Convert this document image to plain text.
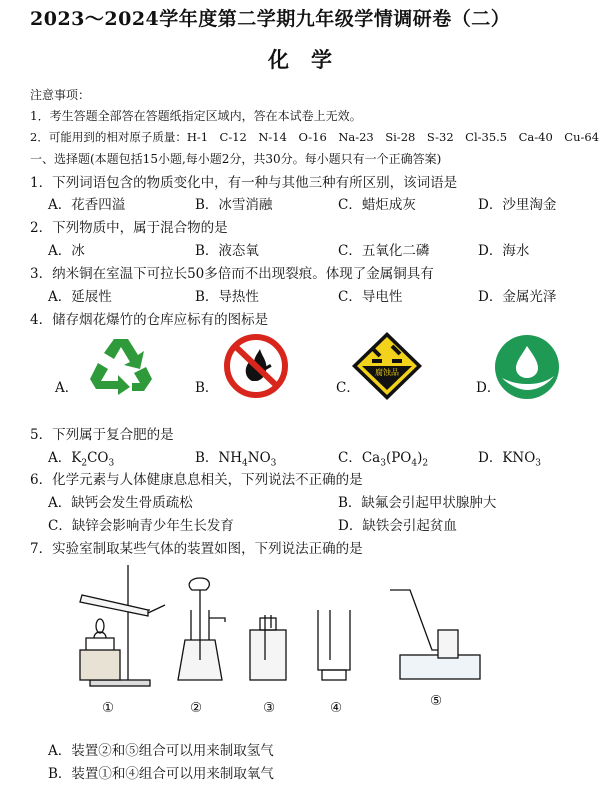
2023～2024学年度第二学期九年级学情调研卷（二）
化学
注意事项：
1．考生答题全部答在答题纸指定区域内，答在本试卷上无效。
2．可能用到的相对原子质量：H-1　C-12　N-14　O-16　Na-23　Si-28　S-32　Cl-35.5　Ca-40　Cu-64
一、选择题(本题包括15小题,每小题2分，共30分。每小题只有一个正确答案)
1．下列词语包含的物质变化中，有一种与其他三种有所区别，该词语是
A．花香四溢	B．冰雪消融	C．蜡炬成灰	D．沙里淘金
2．下列物质中，属于混合物的是
A．冰	B．液态氧	C．五氧化二磷	D．海水
3．纳米铜在室温下可拉长50多倍而不出现裂痕。体现了金属铜具有
A．延展性	B．导热性	C．导电性	D．金属光泽
4．储存烟花爆竹的仓库应标有的图标是
A．	B．	C．	D．
腐蚀品
5．下列属于复合肥的是
A．$K_2CO_3$	B．$NH_4NO_3$	C．$Ca_3(PO_4)_2$	D．$KNO_3$
6．化学元素与人体健康息息相关，下列说法不正确的是
A．缺钙会发生骨质疏松	B．缺氟会引起甲状腺肿大
C．缺锌会影响青少年生长发育	D．缺铁会引起贫血
7．实验室制取某些气体的装置如图，下列说法正确的是
①	②	③	④	⑤
A．装置②和⑤组合可以用来制取氢气
B．装置①和④组合可以用来制取氧气
